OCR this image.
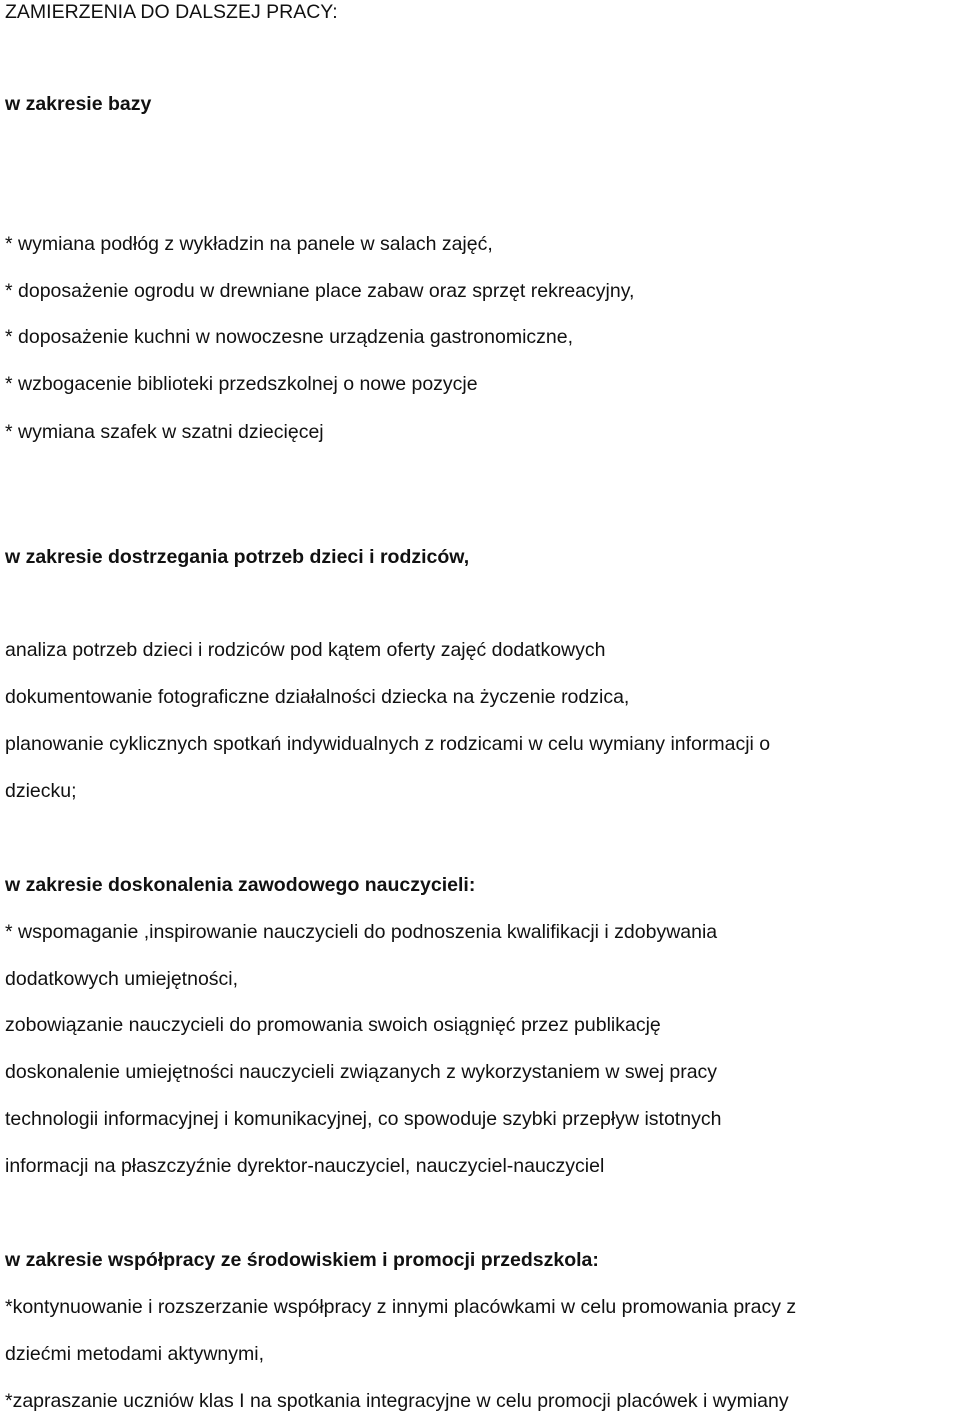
ZAMIERZENIA DO DALSZEJ PRACY:
w zakresie bazy
* wymiana podłóg z wykładzin na panele w salach zajęć,
* doposażenie ogrodu w drewniane place zabaw oraz sprzęt rekreacyjny,
* doposażenie kuchni w nowoczesne urządzenia gastronomiczne,
* wzbogacenie biblioteki przedszkolnej o nowe pozycje
* wymiana szafek w szatni dziecięcej
w zakresie dostrzegania potrzeb dzieci i rodziców,
analiza potrzeb dzieci i rodziców pod kątem oferty zajęć dodatkowych
dokumentowanie fotograficzne działalności dziecka na życzenie rodzica,
planowanie cyklicznych spotkań indywidualnych z rodzicami w celu wymiany informacji o
dziecku;
w zakresie doskonalenia zawodowego nauczycieli:
* wspomaganie ,inspirowanie nauczycieli do podnoszenia kwalifikacji i zdobywania
dodatkowych umiejętności,
zobowiązanie nauczycieli do promowania swoich osiągnięć przez publikację
doskonalenie umiejętności nauczycieli związanych z wykorzystaniem w swej pracy
technologii informacyjnej i komunikacyjnej, co spowoduje szybki przepływ istotnych
informacji na płaszczyźnie dyrektor-nauczyciel, nauczyciel-nauczyciel
w zakresie współpracy ze środowiskiem i promocji przedszkola:
*kontynuowanie i rozszerzanie współpracy z innymi placówkami w celu promowania pracy z
dziećmi metodami aktywnymi,
*zapraszanie uczniów klas I na spotkania integracyjne w celu promocji placówek i wymiany
